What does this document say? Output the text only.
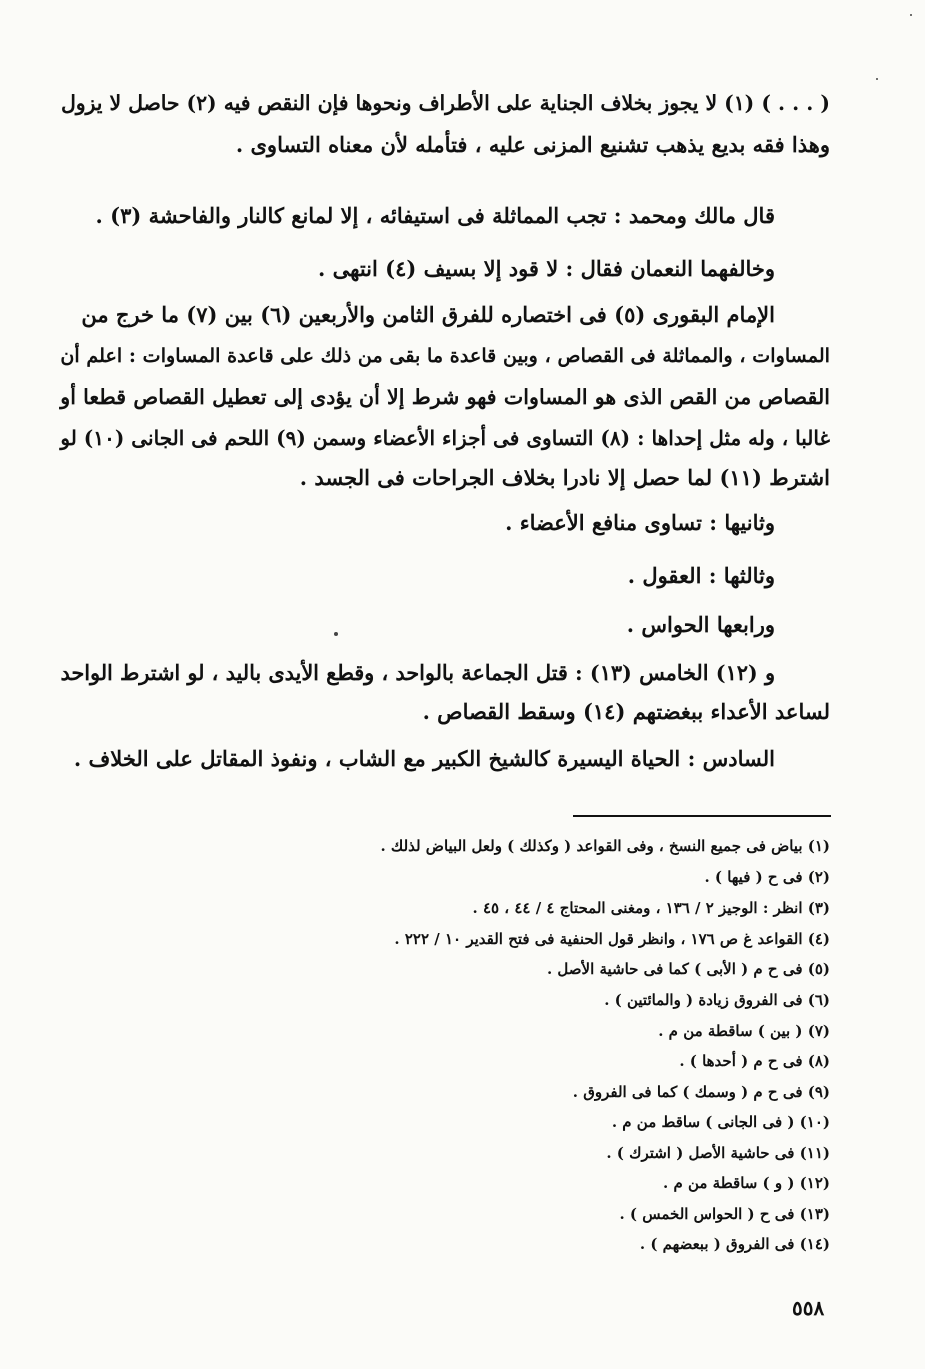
( . . . ) (١) لا يجوز بخلاف الجناية على الأطراف ونحوها فإن النقص فيه (٢) حاصل لا يزول
وهذا فقه بديع يذهب تشنيع المزنى عليه ، فتأمله لأن معناه التساوى .
قال مالك ومحمد : تجب المماثلة فى استيفائه ، إلا لمانع كالنار والفاحشة (٣) .
وخالفهما النعمان فقال : لا قود إلا بسيف (٤) انتهى .
الإمام البقورى (٥) فى اختصاره للفرق الثامن والأربعين (٦) بين (٧) ما خرج من
المساوات ، والمماثلة فى القصاص ، وبين قاعدة ما بقى من ذلك على قاعدة المساوات : اعلم أن
القصاص من القص الذى هو المساوات فهو شرط إلا أن يؤدى إلى تعطيل القصاص قطعا أو
غالبا ، وله مثل إحداها : (٨) التساوى فى أجزاء الأعضاء وسمن (٩) اللحم فى الجانى (١٠) لو
اشترط (١١) لما حصل إلا نادرا بخلاف الجراحات فى الجسد .
وثانيها : تساوى منافع الأعضاء .
وثالثها : العقول .
ورابعها الحواس .
و (١٢) الخامس (١٣) : قتل الجماعة بالواحد ، وقطع الأيدى باليد ، لو اشترط الواحد
لساعد الأعداء ببغضتهم (١٤) وسقط القصاص .
السادس : الحياة اليسيرة كالشيخ الكبير مع الشاب ، ونفوذ المقاتل على الخلاف .
(١) بياض فى جميع النسخ ، وفى القواعد ( وكذلك ) ولعل البياض لذلك .
(٢) فى ح ( فيها ) .
(٣) انظر : الوجيز ٢ / ١٣٦ ، ومغنى المحتاج ٤ / ٤٤ ، ٤٥ .
(٤) القواعد غ ص ١٧٦ ، وانظر قول الحنفية فى فتح القدير ١٠ / ٢٢٢ .
(٥) فى ح م ( الأبى ) كما فى حاشية الأصل .
(٦) فى الفروق زيادة ( والمائتين ) .
(٧) ( بين ) ساقطة من م .
(٨) فى ح م ( أحدها ) .
(٩) فى ح م ( وسمك ) كما فى الفروق .
(١٠) ( فى الجانى ) ساقط من م .
(١١) فى حاشية الأصل ( اشترك ) .
(١٢) ( و ) ساقطة من م .
(١٣) فى ح ( الحواس الخمس ) .
(١٤) فى الفروق ( ببعضهم ) .
٥٥٨
